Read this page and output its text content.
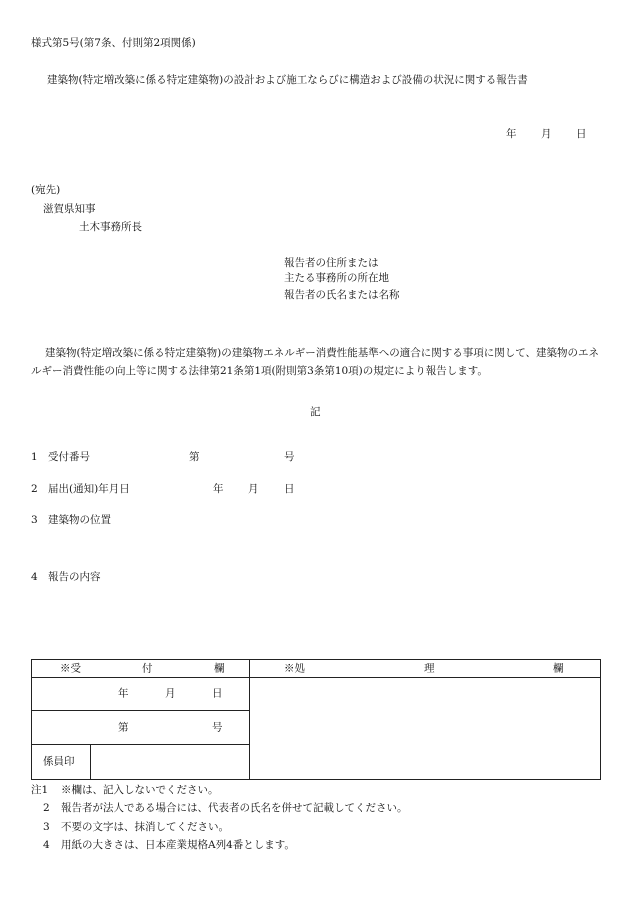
様式第5号(第7条、付則第2項関係)
建築物(特定増改築に係る特定建築物)の設計および施工ならびに構造および設備の状況に関する報告書
年 月 日
(宛先)
滋賀県知事
土木事務所長
報告者の住所または
主たる事務所の所在地
報告者の氏名または名称
建築物(特定増改築に係る特定建築物)の建築物エネルギー消費性能基準への適合に関する事項に関して、建築物のエネルギー消費性能の向上等に関する法律第21条第1項(附則第3条第10項)の規定により報告します。
記
1 受付番号	第	号
2 届出(通知)年月日	年 月 日
3 建築物の位置
4 報告の内容
※受 付 欄		※処 理 欄

年 月 日		

第 号		

係員印		

注1 ※欄は、記入しないでください。
2 報告者が法人である場合には、代表者の氏名を併せて記載してください。
3 不要の文字は、抹消してください。
4 用紙の大きさは、日本産業規格A列4番とします。
